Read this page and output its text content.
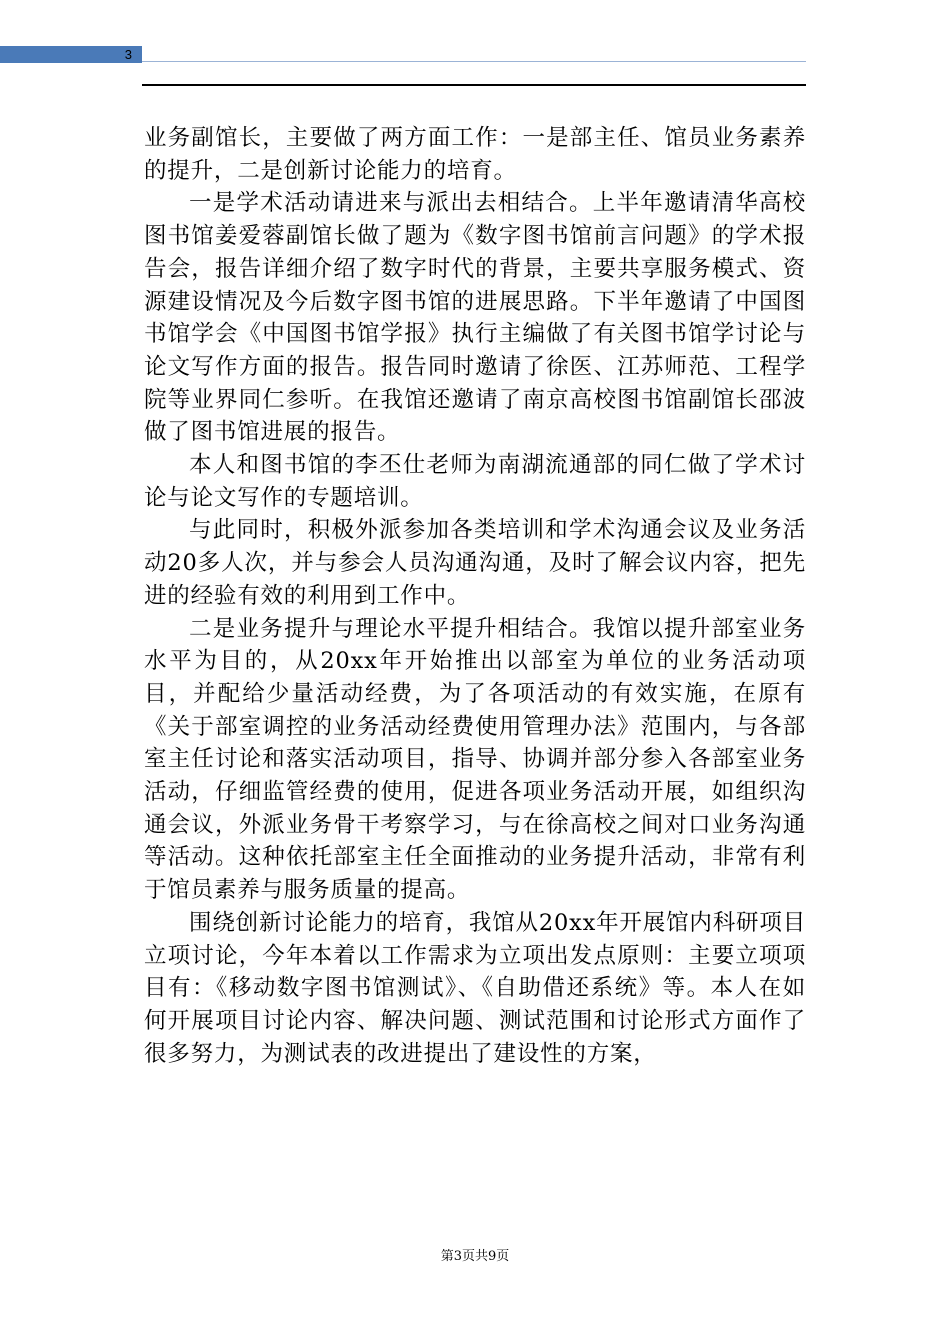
3

业务副馆长，主要做了两方面工作：一是部主任、馆员业务素养的提升，二是创新讨论能力的培育。

一是学术活动请进来与派出去相结合。上半年邀请清华高校图书馆姜爱蓉副馆长做了题为《数字图书馆前言问题》的学术报告会，报告详细介绍了数字时代的背景，主要共享服务模式、资源建设情况及今后数字图书馆的进展思路。下半年邀请了中国图书馆学会《中国图书馆学报》执行主编做了有关图书馆学讨论与论文写作方面的报告。报告同时邀请了徐医、江苏师范、工程学院等业界同仁参听。在我馆还邀请了南京高校图书馆副馆长邵波做了图书馆进展的报告。

本人和图书馆的李丕仕老师为南湖流通部的同仁做了学术讨论与论文写作的专题培训。

与此同时，积极外派参加各类培训和学术沟通会议及业务活动20多人次，并与参会人员沟通沟通，及时了解会议内容，把先进的经验有效的利用到工作中。

二是业务提升与理论水平提升相结合。我馆以提升部室业务水平为目的，从20xx年开始推出以部室为单位的业务活动项目，并配给少量活动经费，为了各项活动的有效实施，在原有《关于部室调控的业务活动经费使用管理办法》范围内，与各部室主任讨论和落实活动项目，指导、协调并部分参入各部室业务活动，仔细监管经费的使用，促进各项业务活动开展，如组织沟通会议，外派业务骨干考察学习，与在徐高校之间对口业务沟通等活动。这种依托部室主任全面推动的业务提升活动，非常有利于馆员素养与服务质量的提高。

围绕创新讨论能力的培育，我馆从20xx年开展馆内科研项目立项讨论，今年本着以工作需求为立项出发点原则：主要立项项目有：《移动数字图书馆测试》、《自助借还系统》等。本人在如何开展项目讨论内容、解决问题、测试范围和讨论形式方面作了很多努力，为测试表的改进提出了建设性的方案，

第3页共9页
